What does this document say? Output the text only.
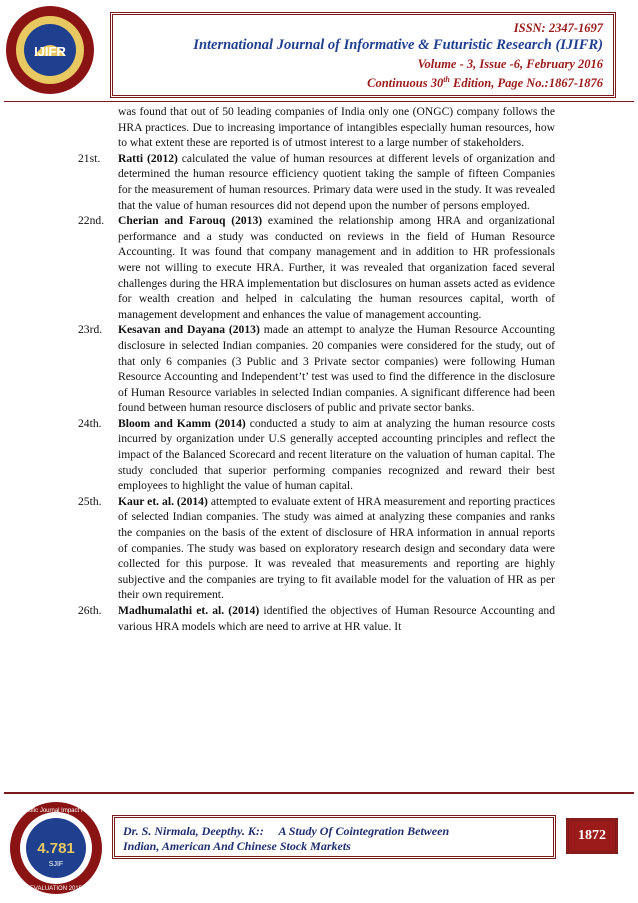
IJIFR
ISSN: 2347-1697
International Journal of Informative & Futuristic Research (IJIFR)
Volume - 3, Issue -6, February 2016
Continuous 30th Edition, Page No.:1867-1876

was found that out of 50 leading companies of India only one (ONGC) company follows the HRA practices. Due to increasing importance of intangibles especially human resources, how to what extent these are reported is of utmost interest to a large number of stakeholders.

21st.	Ratti (2012) calculated the value of human resources at different levels of organization and determined the human resource efficiency quotient taking the sample of fifteen Companies for the measurement of human resources. Primary data were used in the study. It was revealed that the value of human resources did not depend upon the number of persons employed.
22nd.	Cherian and Farouq (2013) examined the relationship among HRA and organizational performance and a study was conducted on reviews in the field of Human Resource Accounting. It was found that company management and in addition to HR professionals were not willing to execute HRA. Further, it was revealed that organization faced several challenges during the HRA implementation but disclosures on human assets acted as evidence for wealth creation and helped in calculating the human resources capital, worth of management development and enhances the value of management accounting.
23rd.	Kesavan and Dayana (2013) made an attempt to analyze the Human Resource Accounting disclosure in selected Indian companies. 20 companies were considered for the study, out of that only 6 companies (3 Public and 3 Private sector companies) were following Human Resource Accounting and Independent’t’ test was used to find the difference in the disclosure of Human Resource variables in selected Indian companies. A significant difference had been found between human resource disclosers of public and private sector banks.
24th.	Bloom and Kamm (2014) conducted a study to aim at analyzing the human resource costs incurred by organization under U.S generally accepted accounting principles and reflect the impact of the Balanced Scorecard and recent literature on the valuation of human capital. The study concluded that superior performing companies recognized and reward their best employees to highlight the value of human capital.
25th.	Kaur et. al. (2014) attempted to evaluate extent of HRA measurement and reporting practices of selected Indian companies. The study was aimed at analyzing these companies and ranks the companies on the basis of the extent of disclosure of HRA information in annual reports of companies. The study was based on exploratory research design and secondary data were collected for this purpose. It was revealed that measurements and reporting are highly subjective and the companies are trying to fit available model for the valuation of HR as per their own requirement.
26th.	Madhumalathi et. al. (2014) identified the objectives of Human Resource Accounting and various HRA models which are need to arrive at HR value. It
Scientific Journal Impact Factor
4.781
SJIF
EVALUATION 2015
Dr. S. Nirmala, Deepthy. K::     A Study Of Cointegration Between
Indian, American And Chinese Stock Markets
1872
